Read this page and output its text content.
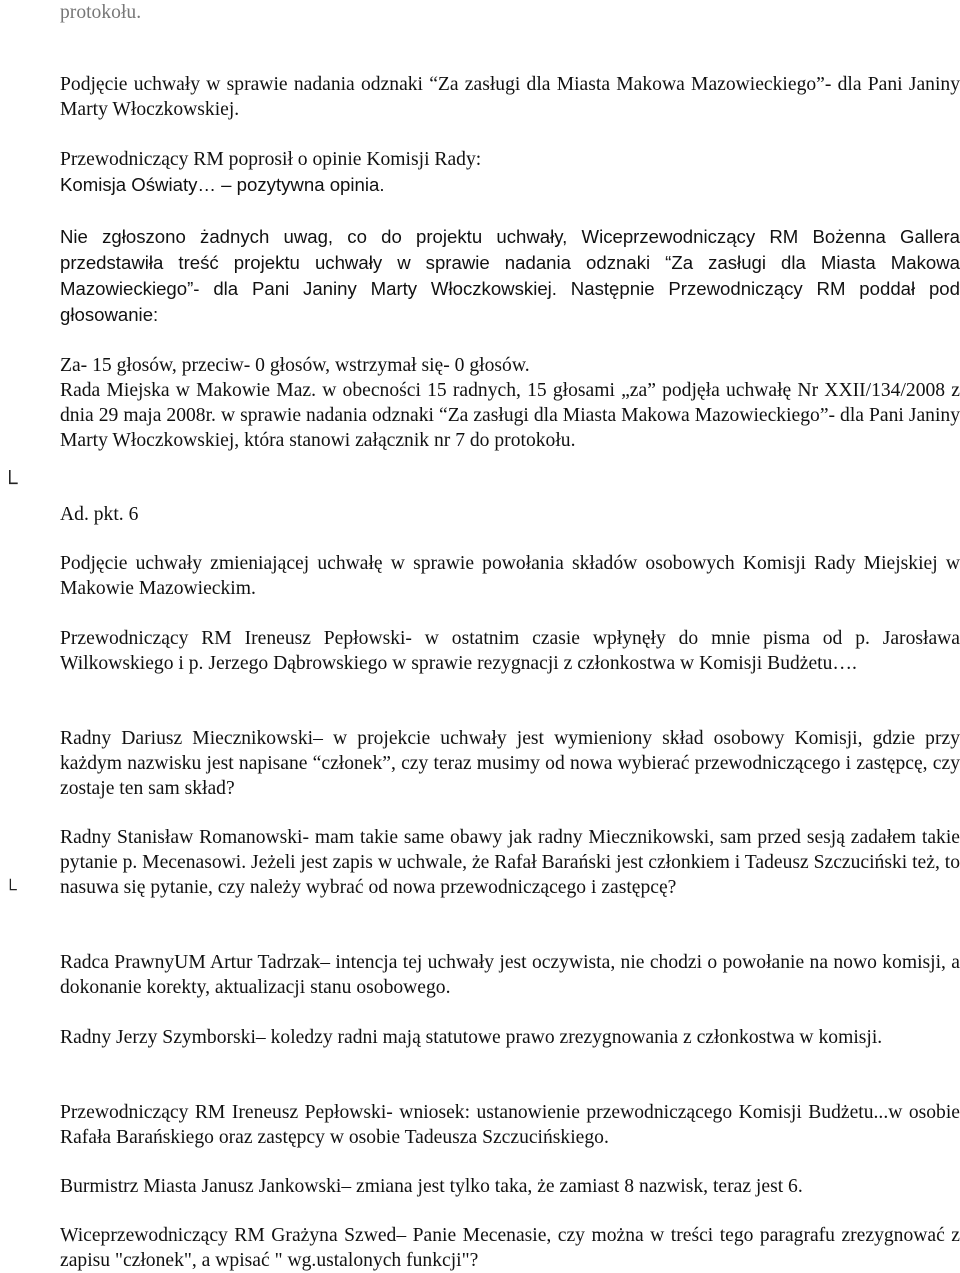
protokołu.

Podjęcie uchwały w sprawie nadania odznaki “Za zasługi dla Miasta Makowa Mazowieckiego”- dla Pani Janiny Marty Włoczkowskiej.

Przewodniczący RM poprosił o opinie Komisji Rady:
Komisja Oświaty… – pozytywna opinia.

Nie zgłoszono żadnych uwag, co do projektu uchwały, Wiceprzewodniczący RM Bożenna Gallera przedstawiła treść projektu uchwały w sprawie nadania odznaki “Za zasługi dla Miasta Makowa Mazowieckiego”- dla Pani Janiny Marty Włoczkowskiej. Następnie Przewodniczący RM poddał pod głosowanie:

Za- 15 głosów, przeciw- 0 głosów, wstrzymał się- 0 głosów.
Rada Miejska w Makowie Maz. w obecności 15 radnych, 15 głosami „za” podjęła uchwałę Nr XXII/134/2008 z dnia 29 maja 2008r. w sprawie nadania odznaki “Za zasługi dla Miasta Makowa Mazowieckiego”- dla Pani Janiny Marty Włoczkowskiej, która stanowi załącznik nr 7 do protokołu.

Ad. pkt. 6

Podjęcie uchwały zmieniającej uchwałę w sprawie powołania składów osobowych Komisji Rady Miejskiej w Makowie Mazowieckim.

Przewodniczący RM Ireneusz Pepłowski- w ostatnim czasie wpłynęły do mnie pisma od p. Jarosława Wilkowskiego i p. Jerzego Dąbrowskiego w sprawie rezygnacji z członkostwa w Komisji Budżetu….

Radny Dariusz Miecznikowski– w projekcie uchwały jest wymieniony skład osobowy Komisji, gdzie przy każdym nazwisku jest napisane “członek”, czy teraz musimy od nowa wybierać przewodniczącego i zastępcę, czy zostaje ten sam skład?

Radny Stanisław Romanowski- mam takie same obawy jak radny Miecznikowski, sam przed sesją zadałem takie pytanie p. Mecenasowi. Jeżeli jest zapis w uchwale, że Rafał Barański jest członkiem i Tadeusz Szczuciński też, to nasuwa się pytanie, czy należy wybrać od nowa przewodniczącego i zastępcę?

Radca PrawnyUM Artur Tadrzak– intencja tej uchwały jest oczywista, nie chodzi o powołanie na nowo komisji, a dokonanie korekty, aktualizacji stanu osobowego.

Radny Jerzy Szymborski– koledzy radni mają statutowe prawo zrezygnowania z członkostwa w komisji.

Przewodniczący RM Ireneusz Pepłowski- wniosek: ustanowienie przewodniczącego Komisji Budżetu...w osobie Rafała Barańskiego oraz zastępcy w osobie Tadeusza Szczucińskiego.

Burmistrz Miasta Janusz Jankowski– zmiana jest tylko taka, że zamiast 8 nazwisk, teraz jest 6.

Wiceprzewodniczący RM Grażyna Szwed– Panie Mecenasie, czy można w treści tego paragrafu zrezygnować z zapisu "członek", a wpisać " wg.ustalonych funkcji"?

└
└
